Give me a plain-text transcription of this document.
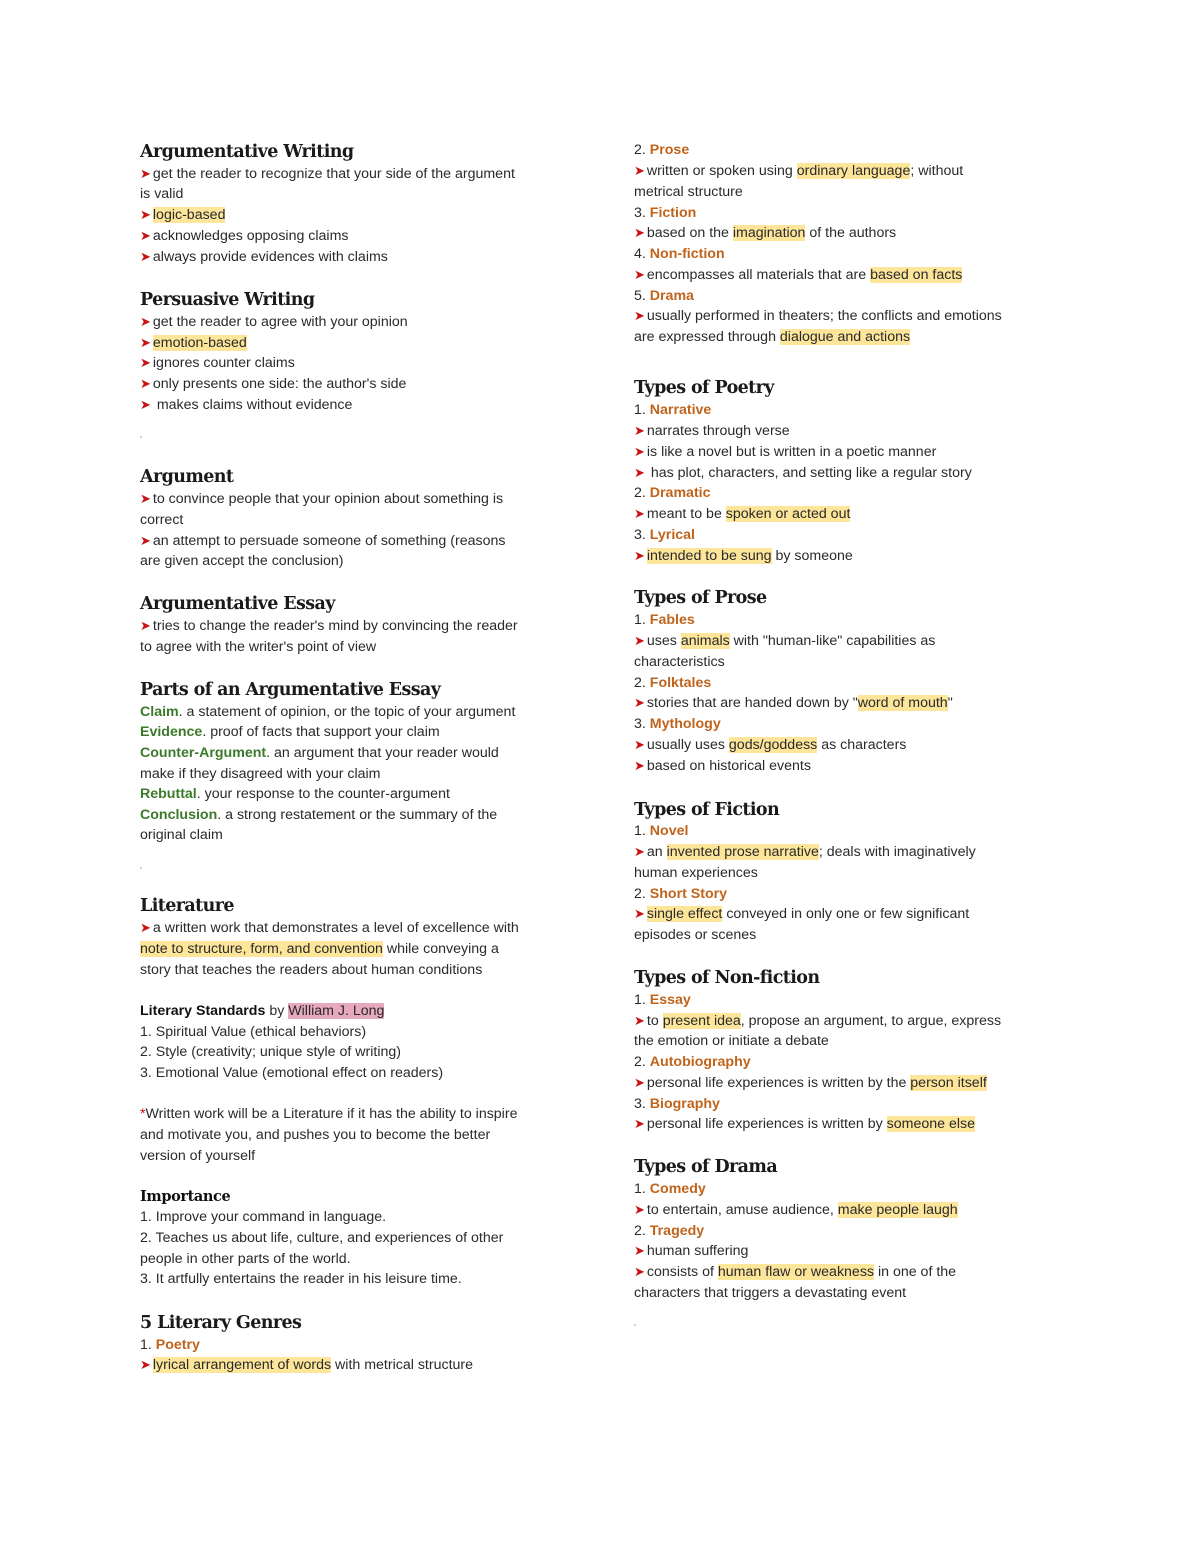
Argumentative Writing
➤ get the reader to recognize that your side of the argument
is valid
➤ logic-based
➤ acknowledges opposing claims
➤ always provide evidences with claims
Persuasive Writing
➤ get the reader to agree with your opinion
➤ emotion-based
➤ ignores counter claims
➤ only presents one side: the author's side
➤ makes claims without evidence
'
Argument
➤ to convince people that your opinion about something is
correct
➤ an attempt to persuade someone of something (reasons
are given accept the conclusion)
Argumentative Essay
➤ tries to change the reader's mind by convincing the reader
to agree with the writer's point of view
Parts of an Argumentative Essay
Claim. a statement of opinion, or the topic of your argument
Evidence. proof of facts that support your claim
Counter-Argument. an argument that your reader would
make if they disagreed with your claim
Rebuttal. your response to the counter-argument
Conclusion. a strong restatement or the summary of the
original claim
'
Literature
➤ a written work that demonstrates a level of excellence with
note to structure, form, and convention while conveying a
story that teaches the readers about human conditions
Literary Standards by William J. Long
1. Spiritual Value (ethical behaviors)
2. Style (creativity; unique style of writing)
3. Emotional Value (emotional effect on readers)
*Written work will be a Literature if it has the ability to inspire
and motivate you, and pushes you to become the better
version of yourself
Importance
1. Improve your command in language.
2. Teaches us about life, culture, and experiences of other
people in other parts of the world.
3. It artfully entertains the reader in his leisure time.
5 Literary Genres
1. Poetry
➤ lyrical arrangement of words with metrical structure
2. Prose
➤ written or spoken using ordinary language; without
metrical structure
3. Fiction
➤ based on the imagination of the authors
4. Non-fiction
➤ encompasses all materials that are based on facts
5. Drama
➤ usually performed in theaters; the conflicts and emotions
are expressed through dialogue and actions
Types of Poetry
1. Narrative
➤ narrates through verse
➤ is like a novel but is written in a poetic manner
➤ has plot, characters, and setting like a regular story
2. Dramatic
➤ meant to be spoken or acted out
3. Lyrical
➤ intended to be sung by someone
Types of Prose
1. Fables
➤ uses animals with "human-like" capabilities as
characteristics
2. Folktales
➤ stories that are handed down by "word of mouth"
3. Mythology
➤ usually uses gods/goddess as characters
➤ based on historical events
Types of Fiction
1. Novel
➤ an invented prose narrative; deals with imaginatively
human experiences
2. Short Story
➤ single effect conveyed in only one or few significant
episodes or scenes
Types of Non-fiction
1. Essay
➤ to present idea, propose an argument, to argue, express
the emotion or initiate a debate
2. Autobiography
➤ personal life experiences is written by the person itself
3. Biography
➤ personal life experiences is written by someone else
Types of Drama
1. Comedy
➤ to entertain, amuse audience, make people laugh
2. Tragedy
➤ human suffering
➤ consists of human flaw or weakness in one of the
characters that triggers a devastating event
'
